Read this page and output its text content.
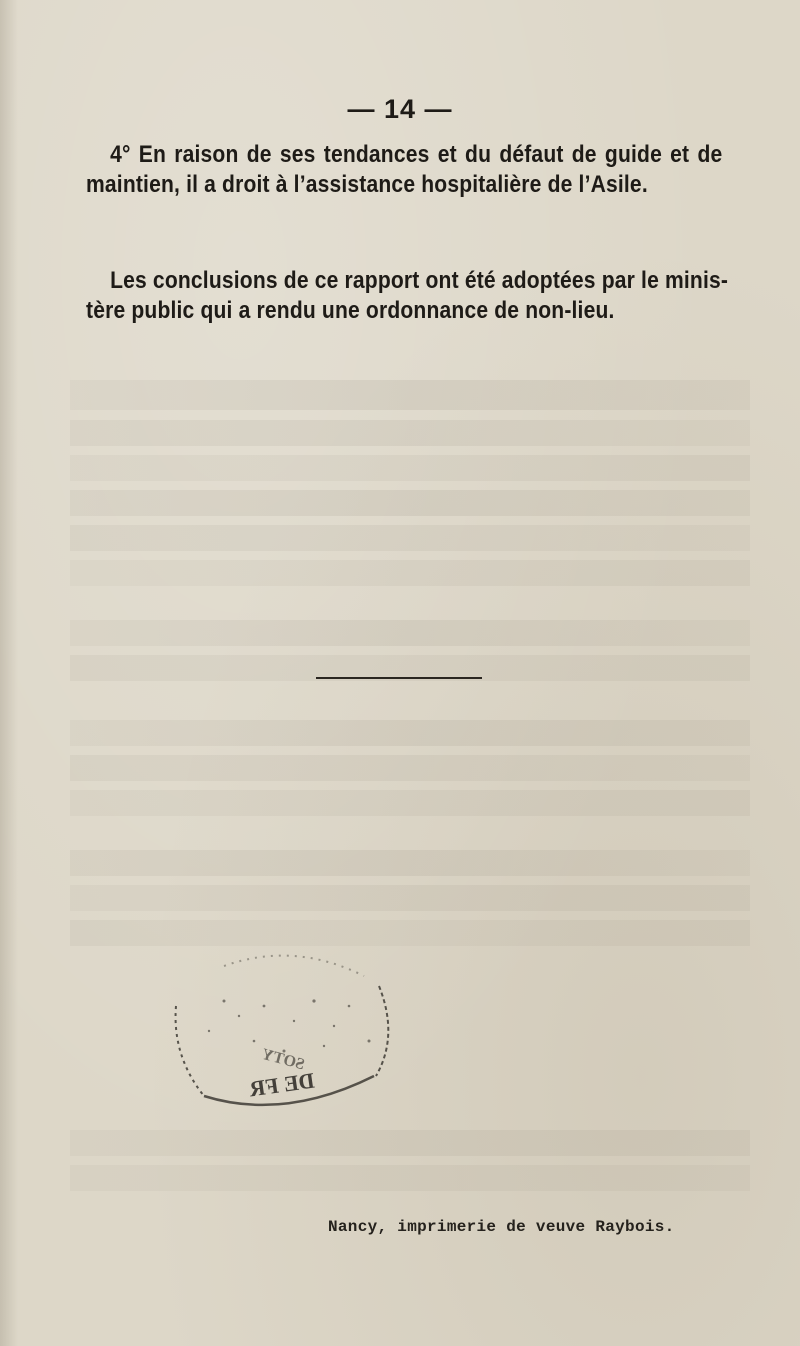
— 14 —
4° En raison de ses tendances et du défaut de guide et de
maintien, il a droit à l’assistance hospitalière de l’Asile.
Les conclusions de ce rapport ont été adoptées par le minis-
tère public qui a rendu une ordonnance de non-lieu.
DE FR
SOTY
Nancy, imprimerie de veuve Raybois.
